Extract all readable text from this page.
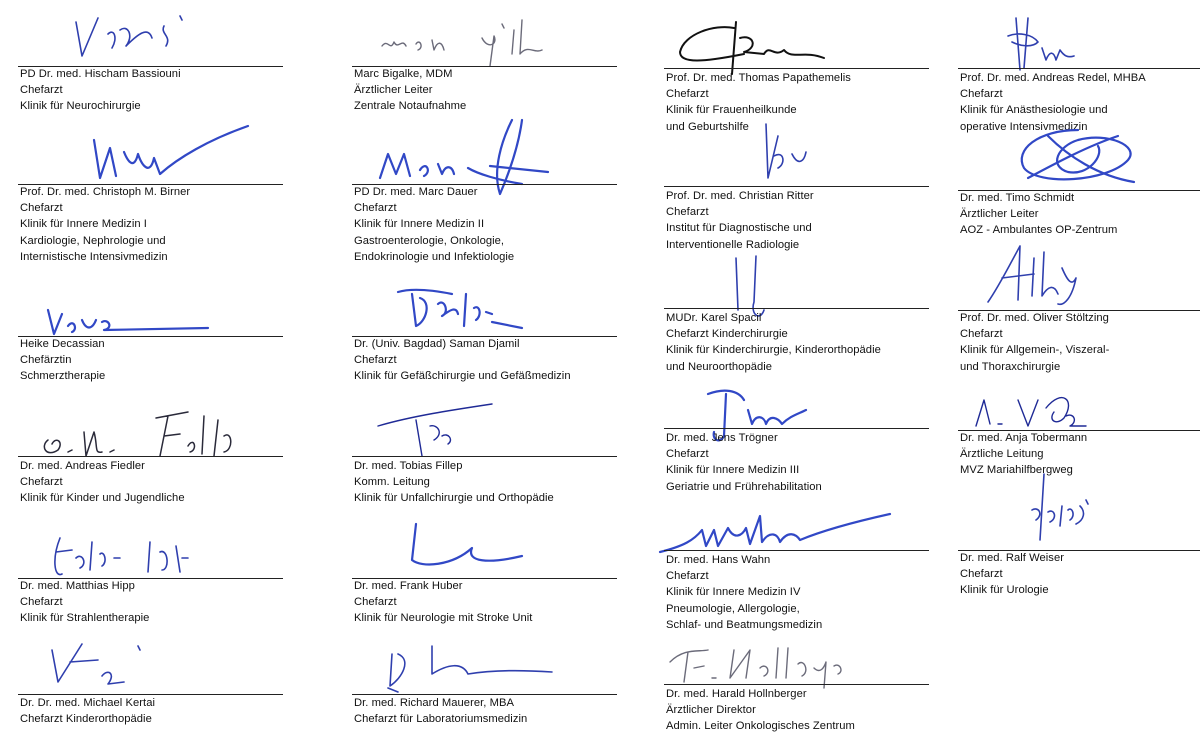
PD Dr. med. Hischam Bassiouni
Chefarzt
Klinik für Neurochirurgie
Prof. Dr. med. Christoph M. Birner
Chefarzt
Klinik für Innere Medizin I
Kardiologie, Nephrologie und
Internistische Intensivmedizin
Heike Decassian
Chefärztin
Schmerztherapie
Dr. med. Andreas Fiedler
Chefarzt
Klinik für Kinder und Jugendliche
Dr. med. Matthias Hipp
Chefarzt
Klinik für Strahlentherapie
Dr. Dr. med. Michael Kertai
Chefarzt Kinderorthopädie
Marc Bigalke, MDM
Ärztlicher Leiter
Zentrale Notaufnahme
PD Dr. med. Marc Dauer
Chefarzt
Klinik für Innere Medizin II
Gastroenterologie, Onkologie,
Endokrinologie und Infektiologie
Dr. (Univ. Bagdad) Saman Djamil
Chefarzt
Klinik für Gefäßchirurgie und Gefäßmedizin
Dr. med. Tobias Fillep
Komm. Leitung
Klinik für Unfallchirurgie und Orthopädie
Dr. med. Frank Huber
Chefarzt
Klinik für Neurologie mit Stroke Unit
Dr. med. Richard Mauerer, MBA
Chefarzt für Laboratoriumsmedizin
Prof. Dr. med. Thomas Papathemelis
Chefarzt
Klinik für Frauenheilkunde
und Geburtshilfe
Prof. Dr. med. Christian Ritter
Chefarzt
Institut für Diagnostische und
Interventionelle Radiologie
MUDr. Karel Spacil
Chefarzt Kinderchirurgie
Klinik für Kinderchirurgie, Kinderorthopädie
und Neuroorthopädie
Dr. med. Jens Trögner
Chefarzt
Klinik für Innere Medizin III
Geriatrie und Frührehabilitation
Dr. med. Hans Wahn
Chefarzt
Klinik für Innere Medizin IV
Pneumologie, Allergologie,
Schlaf- und Beatmungsmedizin
Dr. med. Harald Hollnberger
Ärztlicher Direktor
Admin. Leiter Onkologisches Zentrum
Prof. Dr. med. Andreas Redel, MHBA
Chefarzt
Klinik für Anästhesiologie und
operative Intensivmedizin
Dr. med. Timo Schmidt
Ärztlicher Leiter
AOZ - Ambulantes OP-Zentrum
Prof. Dr. med. Oliver Stöltzing
Chefarzt
Klinik für Allgemein-, Viszeral-
und Thoraxchirurgie
Dr. med. Anja Tobermann
Ärztliche Leitung
MVZ Mariahilfbergweg
Dr. med. Ralf Weiser
Chefarzt
Klinik für Urologie
